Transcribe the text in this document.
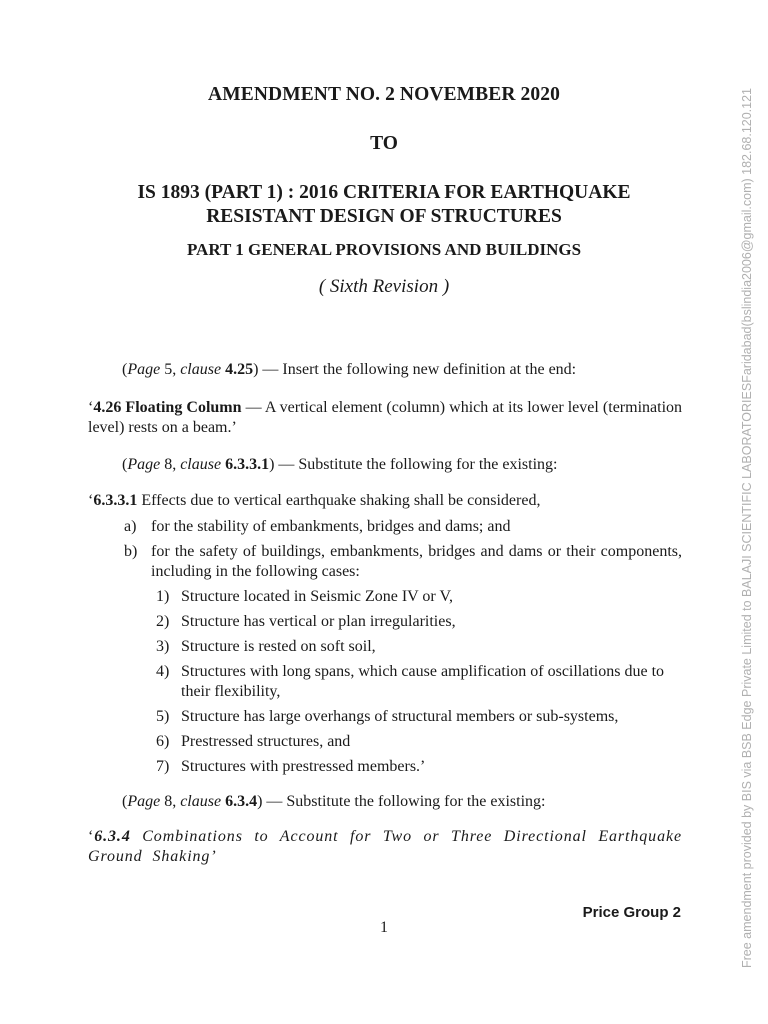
AMENDMENT NO. 2 NOVEMBER 2020
TO
IS 1893 (PART 1) : 2016 CRITERIA FOR EARTHQUAKE
RESISTANT DESIGN OF STRUCTURES
PART 1 GENERAL PROVISIONS AND BUILDINGS
( Sixth Revision )
(Page 5, clause 4.25) — Insert the following new definition at the end:
‘4.26 Floating Column — A vertical element (column) which at its lower level (termination level) rests on a beam.’
(Page 8, clause 6.3.3.1) — Substitute the following for the existing:
‘6.3.3.1 Effects due to vertical earthquake shaking shall be considered,
a) for the stability of embankments, bridges and dams; and
b) for the safety of buildings, embankments, bridges and dams or their components, including in the following cases:
1) Structure located in Seismic Zone IV or V,
2) Structure has vertical or plan irregularities,
3) Structure is rested on soft soil,
4) Structures with long spans, which cause amplification of oscillations due to their flexibility,
5) Structure has large overhangs of structural members or sub-systems,
6) Prestressed structures, and
7) Structures with prestressed members.’
(Page 8, clause 6.3.4) — Substitute the following for the existing:
‘6.3.4 Combinations to Account for Two or Three Directional Earthquake Ground Shaking’
Price Group 2
1	Free amendment provided by BIS via BSB Edge Private Limited to BALAJI SCIENTIFIC LABORATORIESFaridabad(bslindia2006@gmail.com) 182.68.120.121
